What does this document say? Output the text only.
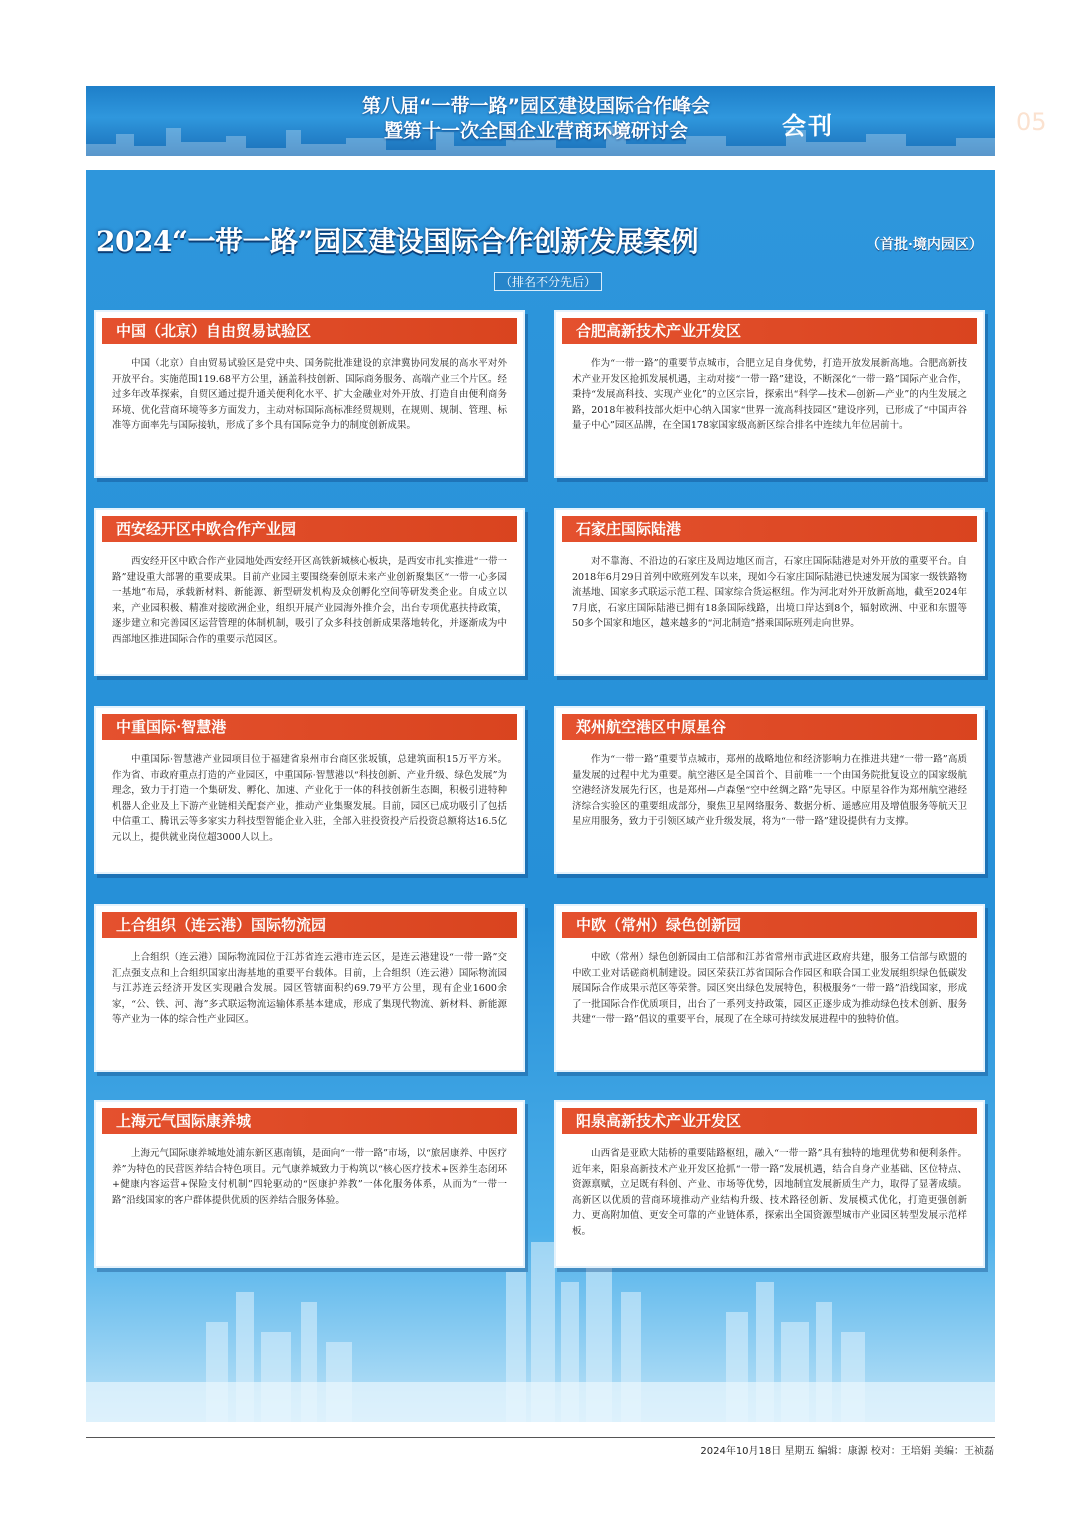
第八届“一带一路”园区建设国际合作峰会
暨第十一次全国企业营商环境研讨会	会刊	05
2024“一带一路”园区建设国际合作创新发展案例	（首批·境内园区）
（排名不分先后）
中国（北京）自由贸易试验区
中国（北京）自由贸易试验区是党中央、国务院批准建设的京津冀协同发展的高水平对外开放平台。实施范围119.68平方公里，涵盖科技创新、国际商务服务、高端产业三个片区。经过多年改革探索，自贸区通过提升通关便利化水平、扩大金融业对外开放、打造自由便利商务环境、优化营商环境等多方面发力，主动对标国际高标准经贸规则，在规则、规制、管理、标准等方面率先与国际接轨，形成了多个具有国际竞争力的制度创新成果。
合肥高新技术产业开发区
作为“一带一路”的重要节点城市，合肥立足自身优势，打造开放发展新高地。合肥高新技术产业开发区抢抓发展机遇，主动对接“一带一路”建设，不断深化“一带一路”国际产业合作，秉持“发展高科技、实现产业化”的立区宗旨，探索出“科学—技术—创新—产业”的内生发展之路，2018年被科技部火炬中心纳入国家“世界一流高科技园区”建设序列，已形成了“中国声谷 量子中心”园区品牌，在全国178家国家级高新区综合排名中连续九年位居前十。
西安经开区中欧合作产业园
西安经开区中欧合作产业园地处西安经开区高铁新城核心板块，是西安市扎实推进“一带一路”建设重大部署的重要成果。目前产业园主要围绕秦创原未来产业创新聚集区“一带一心多园一基地”布局，承载新材料、新能源、新型研发机构及众创孵化空间等研发类企业。自成立以来，产业园积极、精准对接欧洲企业，组织开展产业园海外推介会，出台专项优惠扶持政策，逐步建立和完善园区运营管理的体制机制，吸引了众多科技创新成果落地转化，并逐渐成为中西部地区推进国际合作的重要示范园区。
石家庄国际陆港
对不靠海、不沿边的石家庄及周边地区而言，石家庄国际陆港是对外开放的重要平台。自2018年6月29日首列中欧班列发车以来，现如今石家庄国际陆港已快速发展为国家一级铁路物流基地、国家多式联运示范工程、国家综合货运枢纽。作为河北对外开放新高地，截至2024年7月底，石家庄国际陆港已拥有18条国际线路，出境口岸达到8个，辐射欧洲、中亚和东盟等50多个国家和地区，越来越多的“河北制造”搭乘国际班列走向世界。
中重国际·智慧港
中重国际·智慧港产业园项目位于福建省泉州市台商区张坂镇，总建筑面积15万平方米。作为省、市政府重点打造的产业园区，中重国际·智慧港以“科技创新、产业升级、绿色发展”为理念，致力于打造一个集研发、孵化、加速、产业化于一体的科技创新生态圈，积极引进特种机器人企业及上下游产业链相关配套产业，推动产业集聚发展。目前，园区已成功吸引了包括中信重工、腾讯云等多家实力科技型智能企业入驻，全部入驻投资投产后投资总额将达16.5亿元以上，提供就业岗位超3000人以上。
郑州航空港区中原星谷
作为“一带一路”重要节点城市，郑州的战略地位和经济影响力在推进共建“一带一路”高质量发展的过程中尤为重要。航空港区是全国首个、目前唯一一个由国务院批复设立的国家级航空港经济发展先行区，也是郑州—卢森堡“空中丝绸之路”先导区。中原星谷作为郑州航空港经济综合实验区的重要组成部分，聚焦卫星网络服务、数据分析、遥感应用及增值服务等航天卫星应用服务，致力于引领区域产业升级发展，将为“一带一路”建设提供有力支撑。
上合组织（连云港）国际物流园
上合组织（连云港）国际物流园位于江苏省连云港市连云区，是连云港建设“一带一路”交汇点强支点和上合组织国家出海基地的重要平台载体。目前，上合组织（连云港）国际物流园与江苏连云经济开发区实现融合发展。园区管辖面积约69.79平方公里，现有企业1600余家，“公、铁、河、海”多式联运物流运输体系基本建成，形成了集现代物流、新材料、新能源等产业为一体的综合性产业园区。
中欧（常州）绿色创新园
中欧（常州）绿色创新园由工信部和江苏省常州市武进区政府共建，服务工信部与欧盟的中欧工业对话磋商机制建设。园区荣获江苏省国际合作园区和联合国工业发展组织绿色低碳发展国际合作成果示范区等荣誉。园区突出绿色发展特色，积极服务“一带一路”沿线国家，形成了一批国际合作优质项目，出台了一系列支持政策，园区正逐步成为推动绿色技术创新、服务共建“一带一路”倡议的重要平台，展现了在全球可持续发展进程中的独特价值。
上海元气国际康养城
上海元气国际康养城地处浦东新区惠南镇，是面向“一带一路”市场，以“旅居康养、中医疗养”为特色的民营医养结合特色项目。元气康养城致力于构筑以“核心医疗技术+医养生态闭环+健康内容运营+保险支付机制”四轮驱动的“医康护养教”一体化服务体系，从而为“一带一路”沿线国家的客户群体提供优质的医养结合服务体验。
阳泉高新技术产业开发区
山西省是亚欧大陆桥的重要陆路枢纽，融入“一带一路”具有独特的地理优势和便利条件。近年来，阳泉高新技术产业开发区抢抓“一带一路”发展机遇，结合自身产业基础、区位特点、资源禀赋，立足既有科创、产业、市场等优势，因地制宜发展新质生产力，取得了显著成绩。高新区以优质的营商环境推动产业结构升级、技术路径创新、发展模式优化，打造更强创新力、更高附加值、更安全可靠的产业链体系，探索出全国资源型城市产业园区转型发展示范样板。
2024年10月18日 星期五 编辑：康源 校对：王培娟 美编：王祯磊
